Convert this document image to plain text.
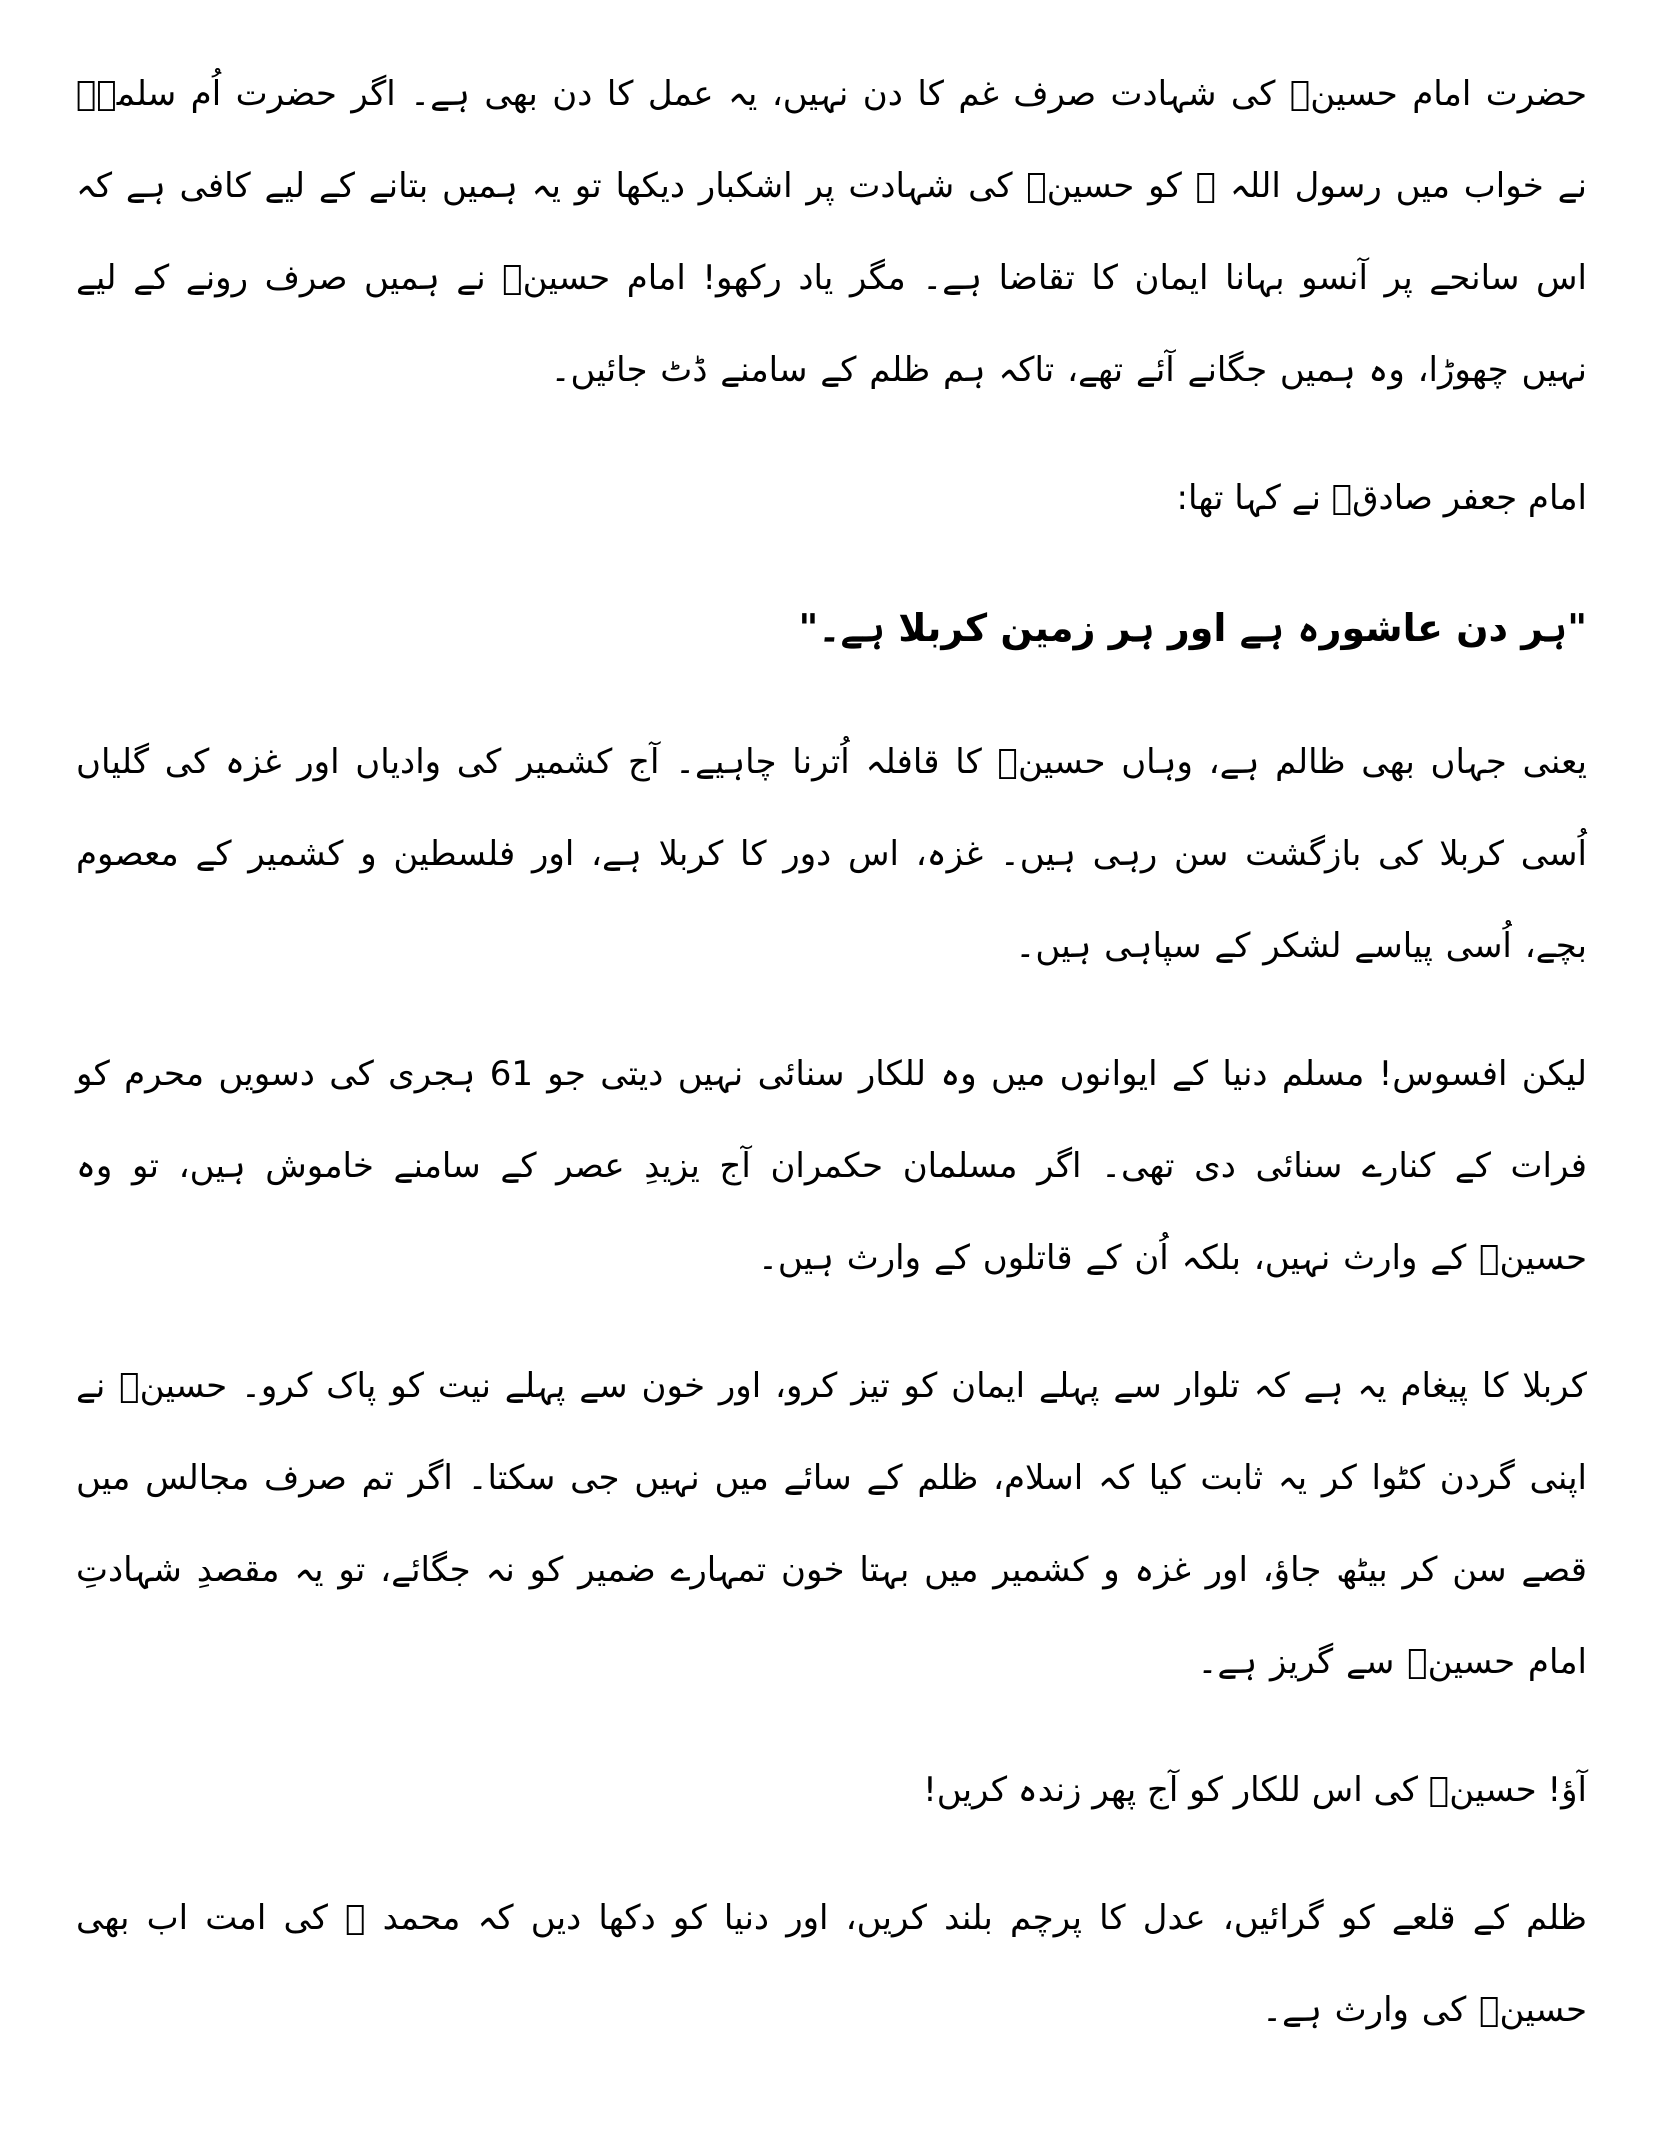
حضرت امام حسینؑ کی شہادت صرف غم کا دن نہیں، یہ عمل کا دن بھی ہے۔ اگر حضرت اُم سلمہؓ نے خواب میں رسول اللہ ﷺ کو حسینؑ کی شہادت پر اشکبار دیکھا تو یہ ہمیں بتانے کے لیے کافی ہے کہ اس سانحے پر آنسو بہانا ایمان کا تقاضا ہے۔ مگر یاد رکھو! امام حسینؑ نے ہمیں صرف رونے کے لیے نہیں چھوڑا، وہ ہمیں جگانے آئے تھے، تاکہ ہم ظلم کے سامنے ڈٹ جائیں۔

امام جعفر صادقؑ نے کہا تھا:

"ہر دن عاشورہ ہے اور ہر زمین کربلا ہے۔"

یعنی جہاں بھی ظالم ہے، وہاں حسینؑ کا قافلہ اُترنا چاہیے۔ آج کشمیر کی وادیاں اور غزہ کی گلیاں اُسی کربلا کی بازگشت سن رہی ہیں۔ غزہ، اس دور کا کربلا ہے، اور فلسطین و کشمیر کے معصوم بچے، اُسی پیاسے لشکر کے سپاہی ہیں۔

لیکن افسوس! مسلم دنیا کے ایوانوں میں وہ للکار سنائی نہیں دیتی جو 61 ہجری کی دسویں محرم کو فرات کے کنارے سنائی دی تھی۔ اگر مسلمان حکمران آج یزیدِ عصر کے سامنے خاموش ہیں، تو وہ حسینؑ کے وارث نہیں، بلکہ اُن کے قاتلوں کے وارث ہیں۔

کربلا کا پیغام یہ ہے کہ تلوار سے پہلے ایمان کو تیز کرو، اور خون سے پہلے نیت کو پاک کرو۔ حسینؑ نے اپنی گردن کٹوا کر یہ ثابت کیا کہ اسلام، ظلم کے سائے میں نہیں جی سکتا۔ اگر تم صرف مجالس میں قصے سن کر بیٹھ جاؤ، اور غزہ و کشمیر میں بہتا خون تمہارے ضمیر کو نہ جگائے، تو یہ مقصدِ شہادتِ امام حسینؑ سے گریز ہے۔

آؤ! حسینؑ کی اس للکار کو آج پھر زندہ کریں!

ظلم کے قلعے کو گرائیں، عدل کا پرچم بلند کریں، اور دنیا کو دکھا دیں کہ محمد ﷺ کی امت اب بھی حسینؑ کی وارث ہے۔
